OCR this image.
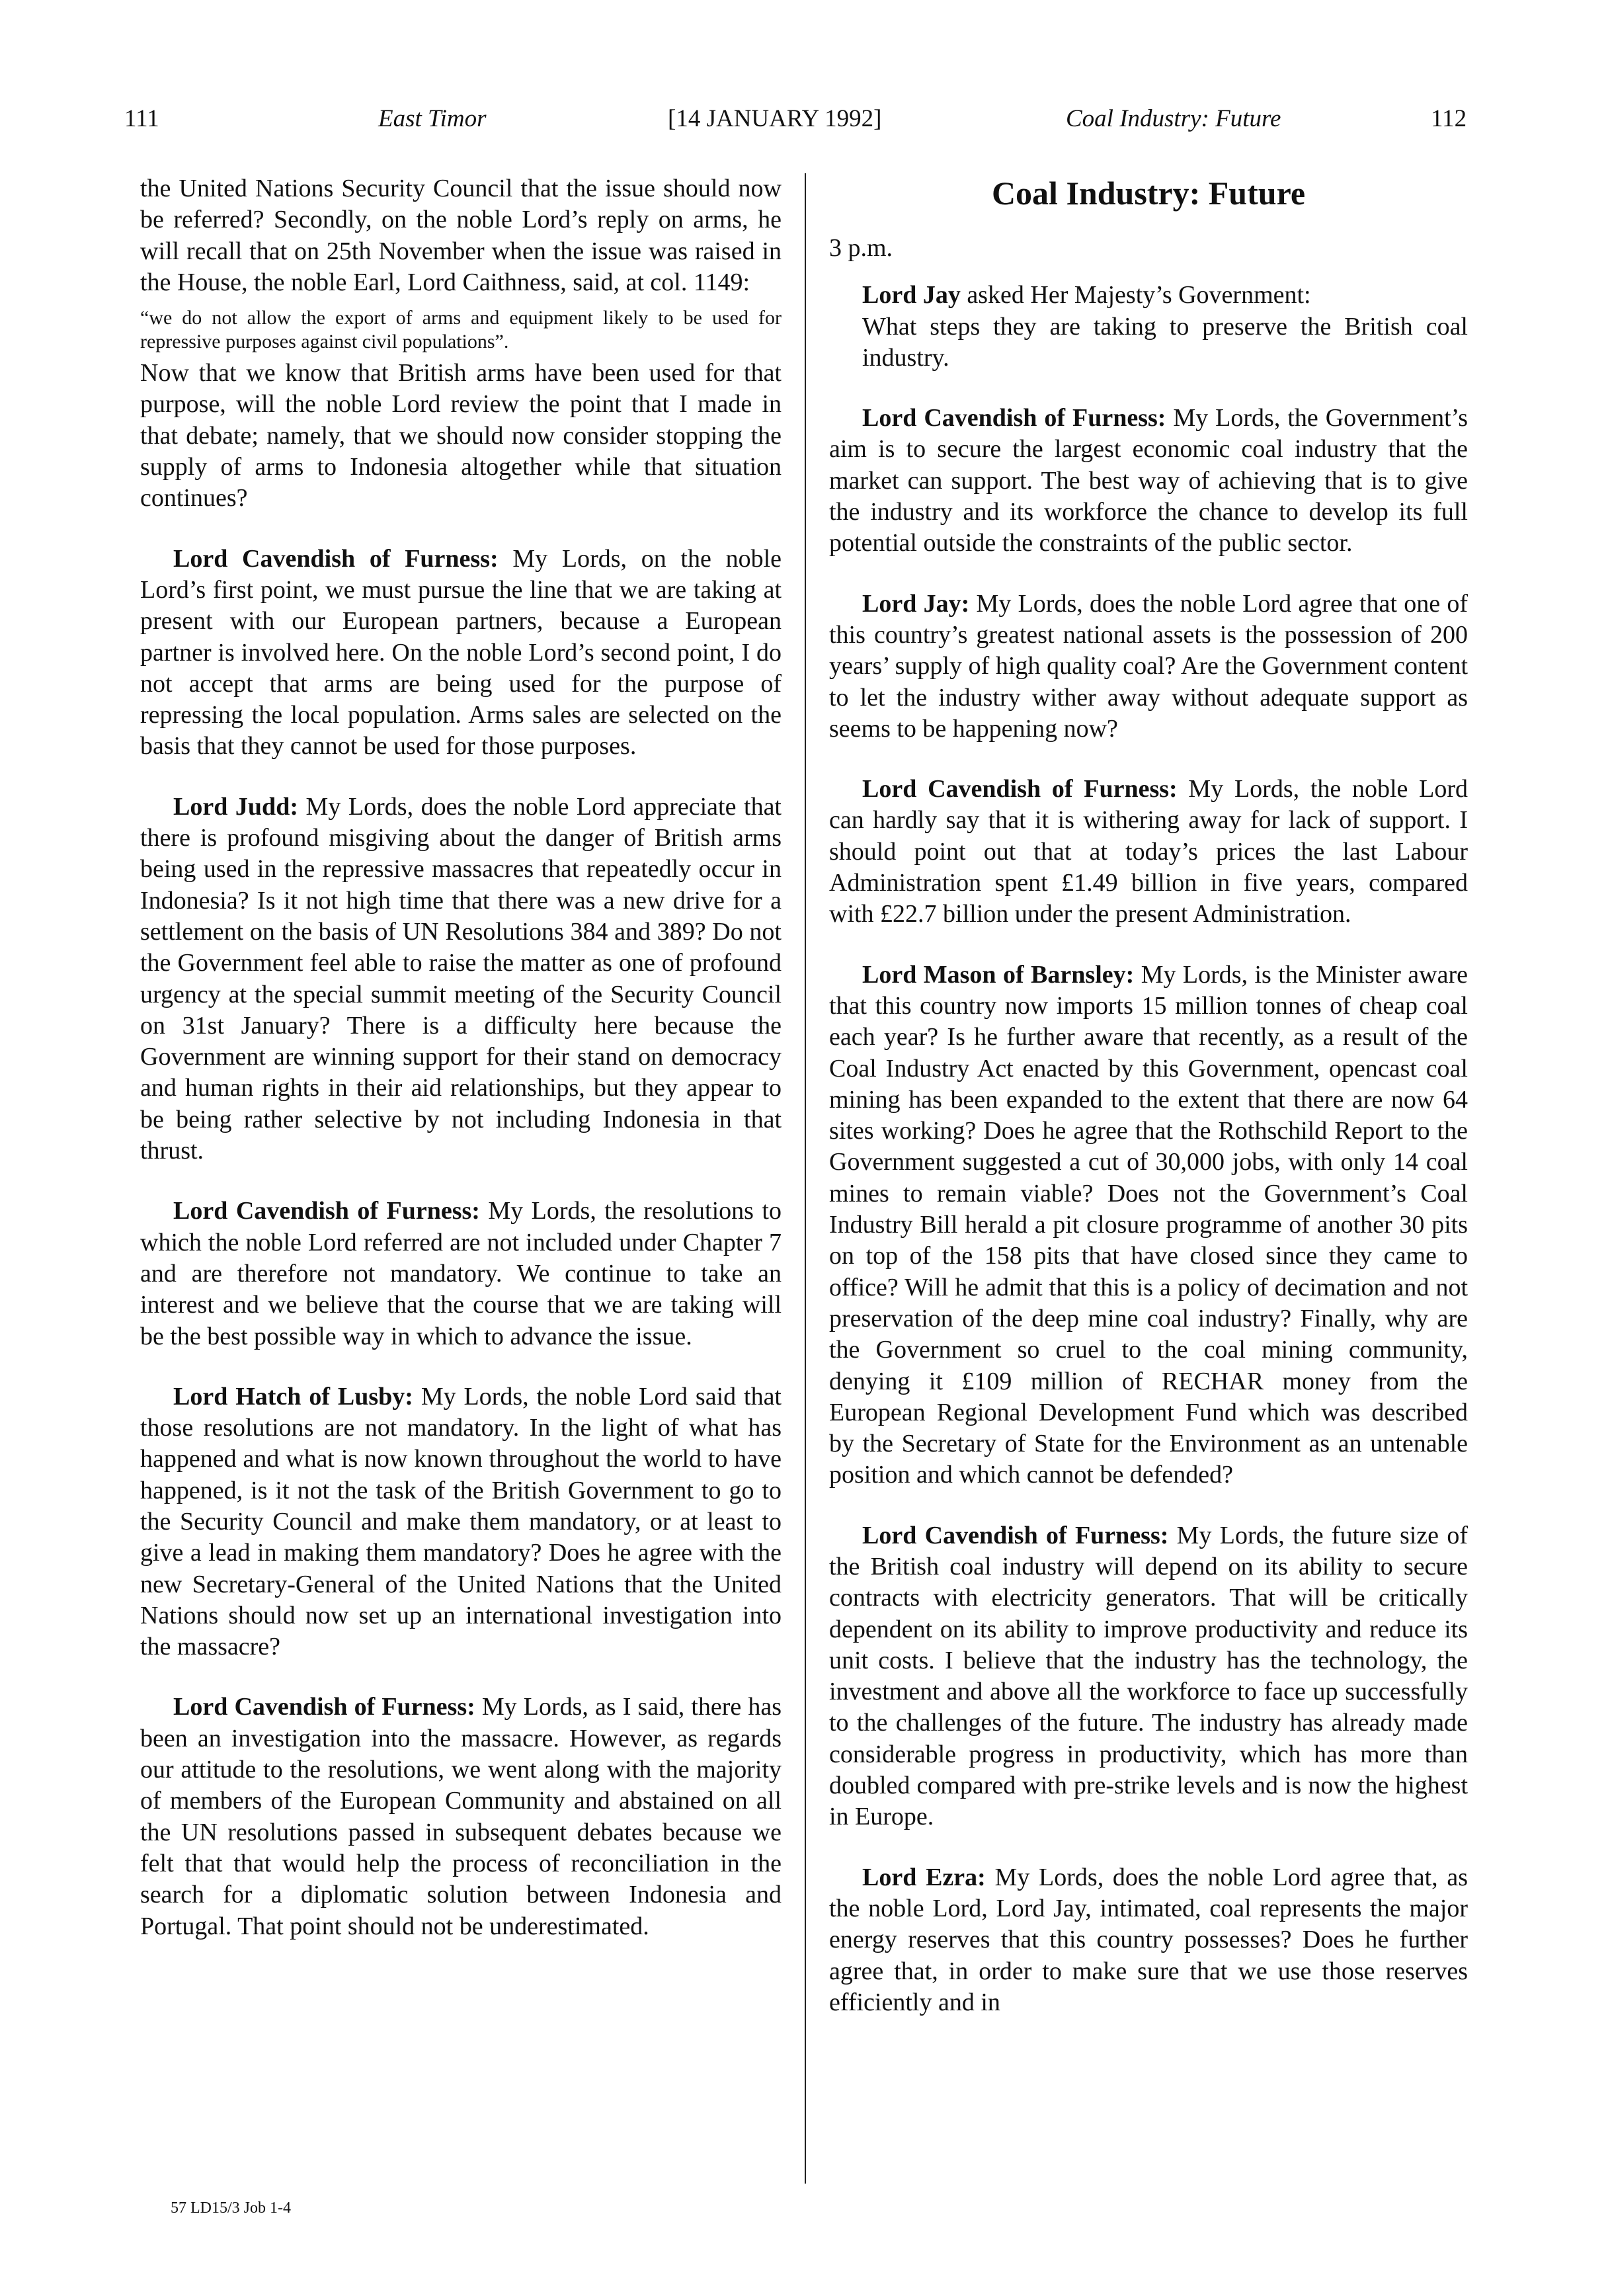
111	East Timor	[14 JANUARY 1992]	Coal Industry: Future	112

the United Nations Security Council that the issue should now be referred? Secondly, on the noble Lord’s reply on arms, he will recall that on 25th November when the issue was raised in the House, the noble Earl, Lord Caithness, said, at col. 1149:

“we do not allow the export of arms and equipment likely to be used for repressive purposes against civil populations”.

Now that we know that British arms have been used for that purpose, will the noble Lord review the point that I made in that debate; namely, that we should now consider stopping the supply of arms to Indonesia altogether while that situation continues?

Lord Cavendish of Furness: My Lords, on the noble Lord’s first point, we must pursue the line that we are taking at present with our European partners, because a European partner is involved here. On the noble Lord’s second point, I do not accept that arms are being used for the purpose of repressing the local population. Arms sales are selected on the basis that they cannot be used for those purposes.

Lord Judd: My Lords, does the noble Lord appreciate that there is profound misgiving about the danger of British arms being used in the repressive massacres that repeatedly occur in Indonesia? Is it not high time that there was a new drive for a settlement on the basis of UN Resolutions 384 and 389? Do not the Government feel able to raise the matter as one of profound urgency at the special summit meeting of the Security Council on 31st January? There is a difficulty here because the Government are winning support for their stand on democracy and human rights in their aid relationships, but they appear to be being rather selective by not including Indonesia in that thrust.

Lord Cavendish of Furness: My Lords, the resolutions to which the noble Lord referred are not included under Chapter 7 and are therefore not mandatory. We continue to take an interest and we believe that the course that we are taking will be the best possible way in which to advance the issue.

Lord Hatch of Lusby: My Lords, the noble Lord said that those resolutions are not mandatory. In the light of what has happened and what is now known throughout the world to have happened, is it not the task of the British Government to go to the Security Council and make them mandatory, or at least to give a lead in making them mandatory? Does he agree with the new Secretary-General of the United Nations that the United Nations should now set up an international investigation into the massacre?

Lord Cavendish of Furness: My Lords, as I said, there has been an investigation into the massacre. However, as regards our attitude to the resolutions, we went along with the majority of members of the European Community and abstained on all the UN resolutions passed in subsequent debates because we felt that that would help the process of reconciliation in the search for a diplomatic solution between Indonesia and Portugal. That point should not be underestimated.

Coal Industry: Future

3 p.m.

Lord Jay asked Her Majesty’s Government:

What steps they are taking to preserve the British coal industry.

Lord Cavendish of Furness: My Lords, the Government’s aim is to secure the largest economic coal industry that the market can support. The best way of achieving that is to give the industry and its workforce the chance to develop its full potential outside the constraints of the public sector.

Lord Jay: My Lords, does the noble Lord agree that one of this country’s greatest national assets is the possession of 200 years’ supply of high quality coal? Are the Government content to let the industry wither away without adequate support as seems to be happening now?

Lord Cavendish of Furness: My Lords, the noble Lord can hardly say that it is withering away for lack of support. I should point out that at today’s prices the last Labour Administration spent £1.49 billion in five years, compared with £22.7 billion under the present Administration.

Lord Mason of Barnsley: My Lords, is the Minister aware that this country now imports 15 million tonnes of cheap coal each year? Is he further aware that recently, as a result of the Coal Industry Act enacted by this Government, opencast coal mining has been expanded to the extent that there are now 64 sites working? Does he agree that the Rothschild Report to the Government suggested a cut of 30,000 jobs, with only 14 coal mines to remain viable? Does not the Government’s Coal Industry Bill herald a pit closure programme of another 30 pits on top of the 158 pits that have closed since they came to office? Will he admit that this is a policy of decimation and not preservation of the deep mine coal industry? Finally, why are the Government so cruel to the coal mining community, denying it £109 million of RECHAR money from the European Regional Development Fund which was described by the Secretary of State for the Environment as an untenable position and which cannot be defended?

Lord Cavendish of Furness: My Lords, the future size of the British coal industry will depend on its ability to secure contracts with electricity generators. That will be critically dependent on its ability to improve productivity and reduce its unit costs. I believe that the industry has the technology, the investment and above all the workforce to face up successfully to the challenges of the future. The industry has already made considerable progress in productivity, which has more than doubled compared with pre-strike levels and is now the highest in Europe.

Lord Ezra: My Lords, does the noble Lord agree that, as the noble Lord, Lord Jay, intimated, coal represents the major energy reserves that this country possesses? Does he further agree that, in order to make sure that we use those reserves efficiently and in

57 LD15/3 Job 1-4
